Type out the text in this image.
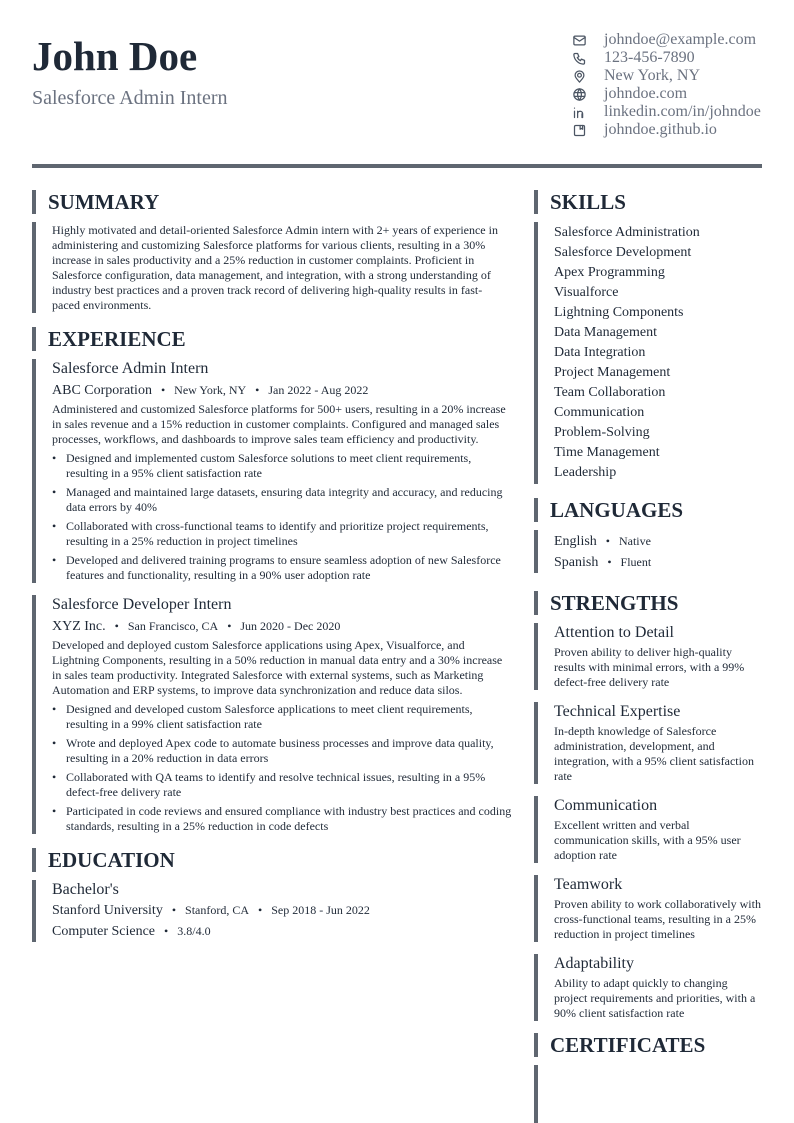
John Doe
Salesforce Admin Intern
johndoe@example.com
123-456-7890
New York, NY
johndoe.com
linkedin.com/in/johndoe
johndoe.github.io
SUMMARY
Highly motivated and detail-oriented Salesforce Admin intern with 2+ years of experience in administering and customizing Salesforce platforms for various clients, resulting in a 30% increase in sales productivity and a 25% reduction in customer complaints. Proficient in Salesforce configuration, data management, and integration, with a strong understanding of industry best practices and a proven track record of delivering high-quality results in fast-paced environments.
EXPERIENCE
Salesforce Admin Intern
ABC Corporation • New York, NY • Jan 2022 - Aug 2022
Administered and customized Salesforce platforms for 500+ users, resulting in a 20% increase in sales revenue and a 15% reduction in customer complaints. Configured and managed sales processes, workflows, and dashboards to improve sales team efficiency and productivity.
• Designed and implemented custom Salesforce solutions to meet client requirements, resulting in a 95% client satisfaction rate
• Managed and maintained large datasets, ensuring data integrity and accuracy, and reducing data errors by 40%
• Collaborated with cross-functional teams to identify and prioritize project requirements, resulting in a 25% reduction in project timelines
• Developed and delivered training programs to ensure seamless adoption of new Salesforce features and functionality, resulting in a 90% user adoption rate
Salesforce Developer Intern
XYZ Inc. • San Francisco, CA • Jun 2020 - Dec 2020
Developed and deployed custom Salesforce applications using Apex, Visualforce, and Lightning Components, resulting in a 50% reduction in manual data entry and a 30% increase in sales team productivity. Integrated Salesforce with external systems, such as Marketing Automation and ERP systems, to improve data synchronization and reduce data silos.
• Designed and developed custom Salesforce applications to meet client requirements, resulting in a 99% client satisfaction rate
• Wrote and deployed Apex code to automate business processes and improve data quality, resulting in a 20% reduction in data errors
• Collaborated with QA teams to identify and resolve technical issues, resulting in a 95% defect-free delivery rate
• Participated in code reviews and ensured compliance with industry best practices and coding standards, resulting in a 25% reduction in code defects
EDUCATION
Bachelor's
Stanford University • Stanford, CA • Sep 2018 - Jun 2022
Computer Science • 3.8/4.0
SKILLS
Salesforce Administration
Salesforce Development
Apex Programming
Visualforce
Lightning Components
Data Management
Data Integration
Project Management
Team Collaboration
Communication
Problem-Solving
Time Management
Leadership
LANGUAGES
English • Native
Spanish • Fluent
STRENGTHS
Attention to Detail
Proven ability to deliver high-quality results with minimal errors, with a 99% defect-free delivery rate
Technical Expertise
In-depth knowledge of Salesforce administration, development, and integration, with a 95% client satisfaction rate
Communication
Excellent written and verbal communication skills, with a 95% user adoption rate
Teamwork
Proven ability to work collaboratively with cross-functional teams, resulting in a 25% reduction in project timelines
Adaptability
Ability to adapt quickly to changing project requirements and priorities, with a 90% client satisfaction rate
CERTIFICATES
